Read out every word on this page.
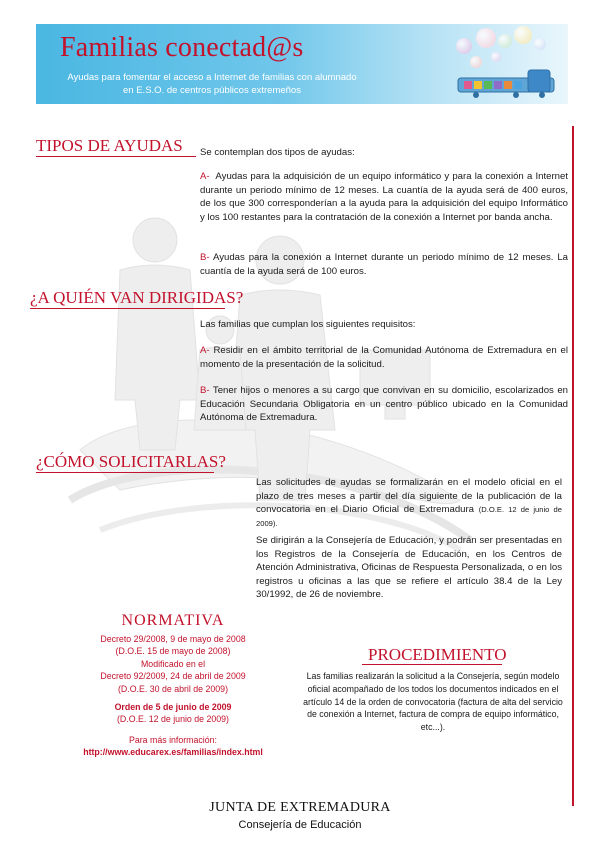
Familias conectad@s
Ayudas para fomentar el acceso a Internet de familias con alumnado
en E.S.O. de centros públicos extremeños
TIPOS DE AYUDAS Se contemplan dos tipos de ayudas:
A- Ayudas para la adquisición de un equipo informático y para la conexión a Internet durante un periodo mínimo de 12 meses. La cuantía de la ayuda será de 400 euros, de los que 300 corresponderían a la ayuda para la adquisición del equipo Informático y los 100 restantes para la contratación de la conexión a Internet por banda ancha.
B- Ayudas para la conexión a Internet durante un periodo mínimo de 12 meses. La cuantía de la ayuda será de 100 euros.
¿A QUIÉN VAN DIRIGIDAS?
Las familias que cumplan los siguientes requisitos:
A- Residir en el ámbito territorial de la Comunidad Autónoma de Extremadura en el momento de la presentación de la solicitud.
B- Tener hijos o menores a su cargo que convivan en su domicilio, escolarizados en Educación Secundaria Obligatoria en un centro público ubicado en la Comunidad Autónoma de Extremadura.
¿CÓMO SOLICITARLAS?
Las solicitudes de ayudas se formalizarán en el modelo oficial en el plazo de tres meses a partir del día siguiente de la publicación de la convocatoria en el Diario Oficial de Extremadura (D.O.E. 12 de junio de 2009).
Se dirigirán a la Consejería de Educación, y podrán ser presentadas en los Registros de la Consejería de Educación, en los Centros de Atención Administrativa, Oficinas de Respuesta Personalizada, o en los registros u oficinas a las que se refiere el artículo 38.4 de la Ley 30/1992, de 26 de noviembre.
NORMATIVA
Decreto 29/2008, 9 de mayo de 2008
(D.O.E. 15 de mayo de 2008)
Modificado en el
Decreto 92/2009, 24 de abril de 2009
(D.O.E. 30 de abril de 2009)
Orden de 5 de junio de 2009
(D.O.E. 12 de junio de 2009)
Para más información:
http://www.educarex.es/familias/index.html
PROCEDIMIENTO
Las familias realizarán la solicitud a la Consejería, según modelo oficial acompañado de los todos los documentos indicados en el artículo 14 de la orden de convocatoria (factura de alta del servicio de conexión a Internet, factura de compra de equipo informático, etc...).
JUNTA DE EXTREMADURA
Consejería de Educación
